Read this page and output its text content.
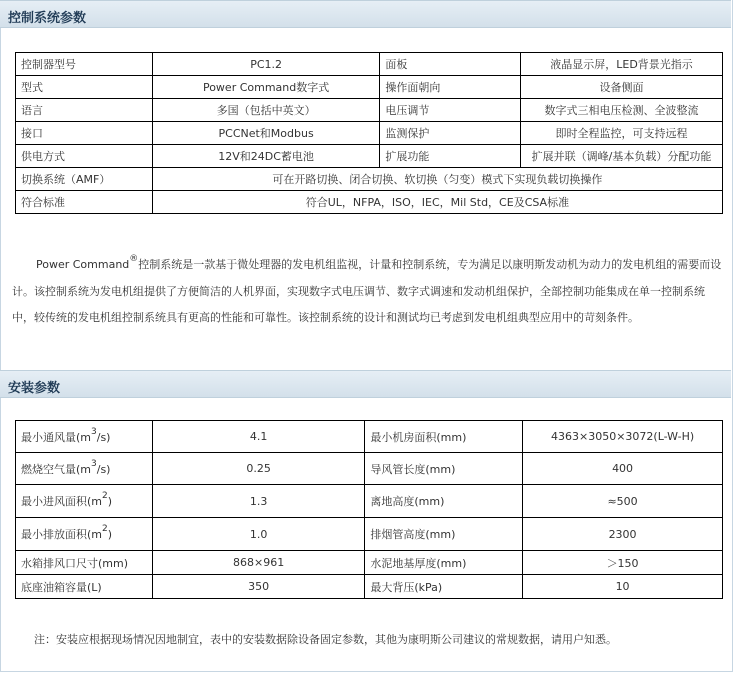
控制系统参数
控制器型号	PC1.2	面板	液晶显示屏，LED背景光指示
型式	Power Command数字式	操作面朝向	设备侧面
语言	多国（包括中英文）	电压调节	数字式三相电压检测、全波整流
接口	PCCNet和Modbus	监测保护	即时全程监控，可支持远程
供电方式	12V和24DC蓄电池	扩展功能	扩展并联（调峰/基本负载）分配功能
切换系统（AMF）	可在开路切换、闭合切换、软切换（匀变）模式下实现负载切换操作		
符合标准	符合UL，NFPA，ISO，IEC，Mil Std，CE及CSA标准		
Power Command®控制系统是一款基于微处理器的发电机组监视，计量和控制系统，专为满足以康明斯发动机为动力的发电机组的需要而设计。该控制系统为发电机组提供了方便简洁的人机界面，实现数字式电压调节、数字式调速和发动机组保护，全部控制功能集成在单一控制系统中，较传统的发电机组控制系统具有更高的性能和可靠性。该控制系统的设计和测试均已考虑到发电机组典型应用中的苛刻条件。
安装参数
最小通风量$(m^3/s)$	4.1	最小机房面积(mm)	4363×3050×3072(L-W-H)
燃烧空气量$(m^3/s)$	0.25	导风管长度(mm)	400
最小进风面积$(m^2)$	1.3	离地高度(mm)	≈500
最小排放面积$(m^2)$	1.0	排烟管高度(mm)	2300
水箱排风口尺寸(mm)	868×961	水泥地基厚度(mm)	＞150
底座油箱容量(L)	350	最大背压(kPa)	10
注：安装应根据现场情况因地制宜，表中的安装数据除设备固定参数，其他为康明斯公司建议的常规数据，请用户知悉。
